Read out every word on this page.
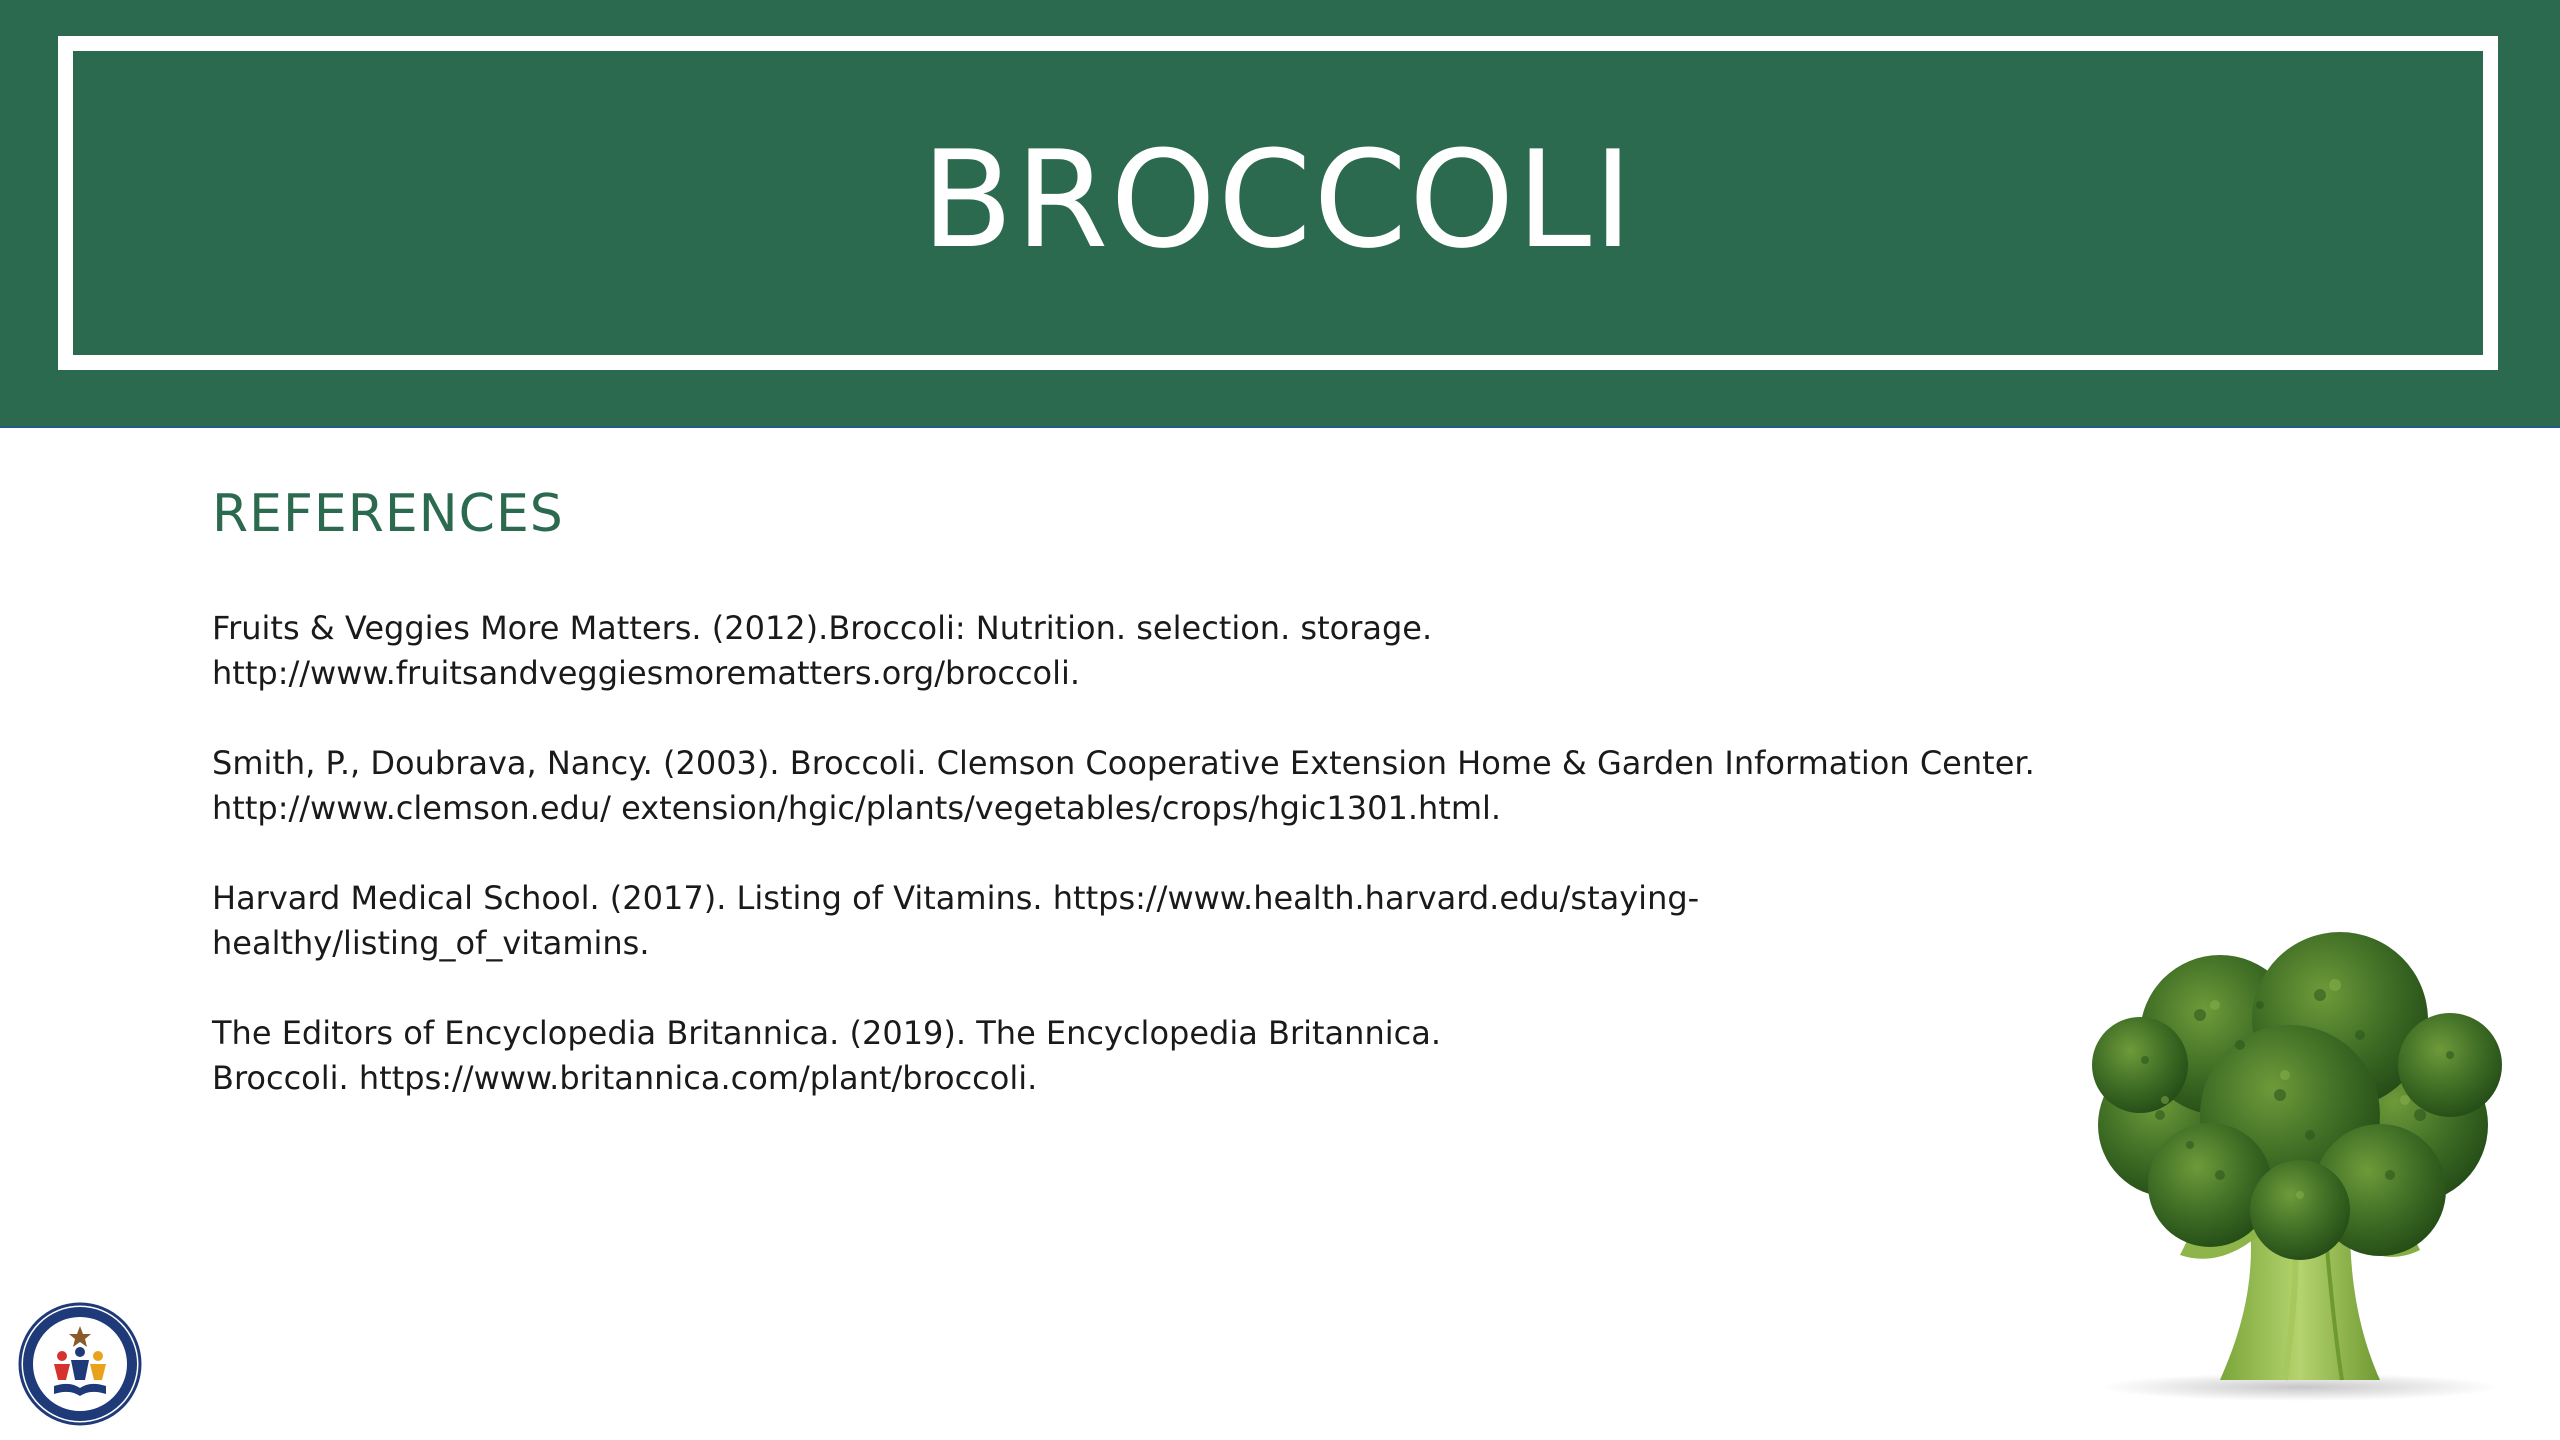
BROCCOLI
REFERENCES
Fruits & Veggies More Matters. (2012).Broccoli: Nutrition. selection. storage.
http://www.fruitsandveggiesmorematters.org/broccoli.
Smith, P., Doubrava, Nancy. (2003). Broccoli. Clemson Cooperative Extension Home & Garden Information Center.
http://www.clemson.edu/ extension/hgic/plants/vegetables/crops/hgic1301.html.
Harvard Medical School. (2017). Listing of Vitamins. https://www.health.harvard.edu/staying-
healthy/listing_of_vitamins.
The Editors of Encyclopedia Britannica. (2019). The Encyclopedia Britannica.
Broccoli. https://www.britannica.com/plant/broccoli.
